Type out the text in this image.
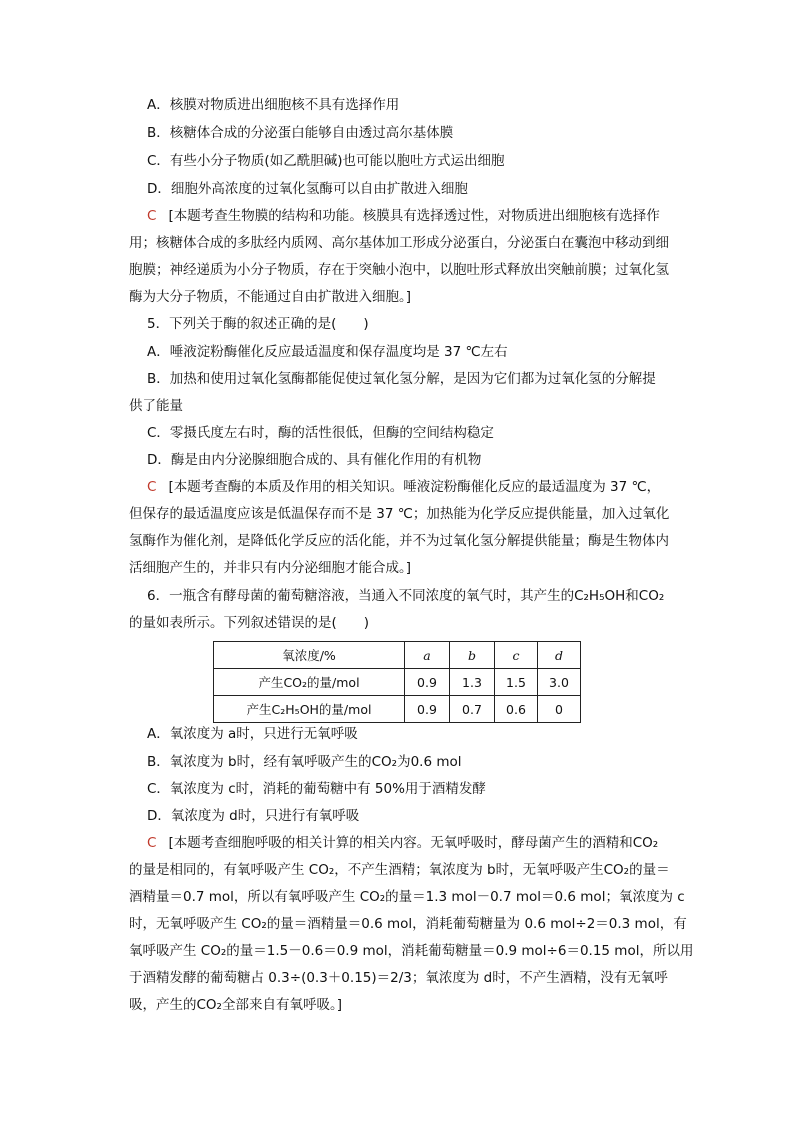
A．核膜对物质进出细胞核不具有选择作用
B．核糖体合成的分泌蛋白能够自由透过高尔基体膜
C．有些小分子物质(如乙酰胆碱)也可能以胞吐方式运出细胞
D．细胞外高浓度的过氧化氢酶可以自由扩散进入细胞
C [本题考查生物膜的结构和功能。核膜具有选择透过性，对物质进出细胞核有选择作
用；核糖体合成的多肽经内质网、高尔基体加工形成分泌蛋白，分泌蛋白在囊泡中移动到细
胞膜；神经递质为小分子物质，存在于突触小泡中，以胞吐形式释放出突触前膜；过氧化氢
酶为大分子物质，不能通过自由扩散进入细胞。]
5．下列关于酶的叙述正确的是(　　)
A．唾液淀粉酶催化反应最适温度和保存温度均是 37 ℃左右
B．加热和使用过氧化氢酶都能促使过氧化氢分解，是因为它们都为过氧化氢的分解提
供了能量
C．零摄氏度左右时，酶的活性很低，但酶的空间结构稳定
D．酶是由内分泌腺细胞合成的、具有催化作用的有机物
C [本题考查酶的本质及作用的相关知识。唾液淀粉酶催化反应的最适温度为 37 ℃，
但保存的最适温度应该是低温保存而不是 37 ℃；加热能为化学反应提供能量，加入过氧化
氢酶作为催化剂，是降低化学反应的活化能，并不为过氧化氢分解提供能量；酶是生物体内
活细胞产生的，并非只有内分泌细胞才能合成。]
6．一瓶含有酵母菌的葡萄糖溶液，当通入不同浓度的氧气时，其产生的C₂H₅OH和CO₂
的量如表所示。下列叙述错误的是(　　)
氧浓度/%	a	b	c	d
产生CO₂的量/mol	0.9	1.3	1.5	3.0
产生C₂H₅OH的量/mol	0.9	0.7	0.6	0
A．氧浓度为 a时，只进行无氧呼吸
B．氧浓度为 b时，经有氧呼吸产生的CO₂为0.6 mol
C．氧浓度为 c时，消耗的葡萄糖中有 50%用于酒精发酵
D．氧浓度为 d时，只进行有氧呼吸
C [本题考查细胞呼吸的相关计算的相关内容。无氧呼吸时，酵母菌产生的酒精和CO₂
的量是相同的，有氧呼吸产生 CO₂，不产生酒精；氧浓度为 b时，无氧呼吸产生CO₂的量＝
酒精量＝0.7 mol，所以有氧呼吸产生 CO₂的量＝1.3 mol－0.7 mol＝0.6 mol；氧浓度为 c
时，无氧呼吸产生 CO₂的量＝酒精量＝0.6 mol，消耗葡萄糖量为 0.6 mol÷2＝0.3 mol，有
氧呼吸产生 CO₂的量＝1.5－0.6＝0.9 mol，消耗葡萄糖量＝0.9 mol÷6＝0.15 mol，所以用
于酒精发酵的葡萄糖占 0.3÷(0.3＋0.15)＝2/3；氧浓度为 d时，不产生酒精，没有无氧呼
吸，产生的CO₂全部来自有氧呼吸。]
